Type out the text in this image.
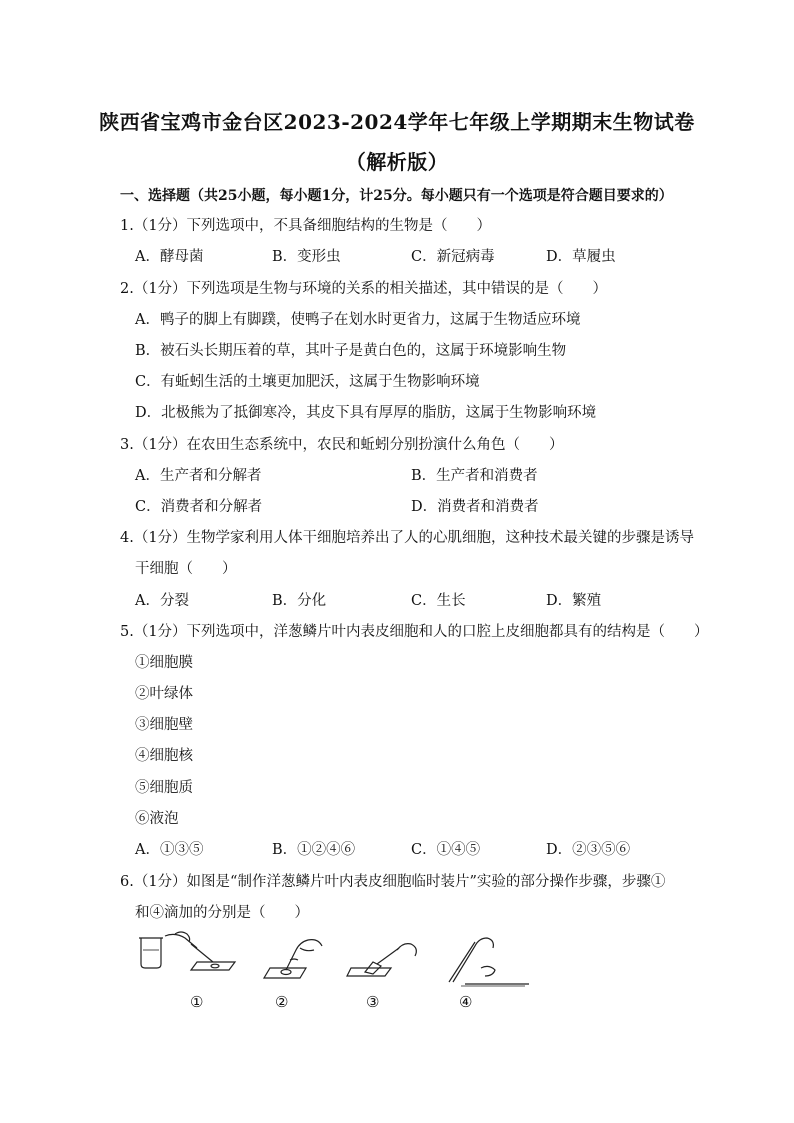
陕西省宝鸡市金台区2023-2024学年七年级上学期期末生物试卷
（解析版）
一、选择题（共25小题，每小题1分，计25分。每小题只有一个选项是符合题目要求的）
1.（1分）下列选项中，不具备细胞结构的生物是（　　）
A．酵母菌	B．变形虫	C．新冠病毒	D．草履虫
2.（1分）下列选项是生物与环境的关系的相关描述，其中错误的是（　　）
A．鸭子的脚上有脚蹼，使鸭子在划水时更省力，这属于生物适应环境
B．被石头长期压着的草，其叶子是黄白色的，这属于环境影响生物
C．有蚯蚓生活的土壤更加肥沃，这属于生物影响环境
D．北极熊为了抵御寒冷，其皮下具有厚厚的脂肪，这属于生物影响环境
3.（1分）在农田生态系统中，农民和蚯蚓分别扮演什么角色（　　）
A．生产者和分解者	B．生产者和消费者
C．消费者和分解者	D．消费者和消费者
4.（1分）生物学家利用人体干细胞培养出了人的心肌细胞，这种技术最关键的步骤是诱导
干细胞（　　）
A．分裂	B．分化	C．生长	D．繁殖
5.（1分）下列选项中，洋葱鳞片叶内表皮细胞和人的口腔上皮细胞都具有的结构是（　　）
①细胞膜
②叶绿体
③细胞壁
④细胞核
⑤细胞质
⑥液泡
A．①③⑤	B．①②④⑥	C．①④⑤	D．②③⑤⑥
6.（1分）如图是“制作洋葱鳞片叶内表皮细胞临时装片”实验的部分操作步骤，步骤①
和④滴加的分别是（　　）
①	②	③	④
